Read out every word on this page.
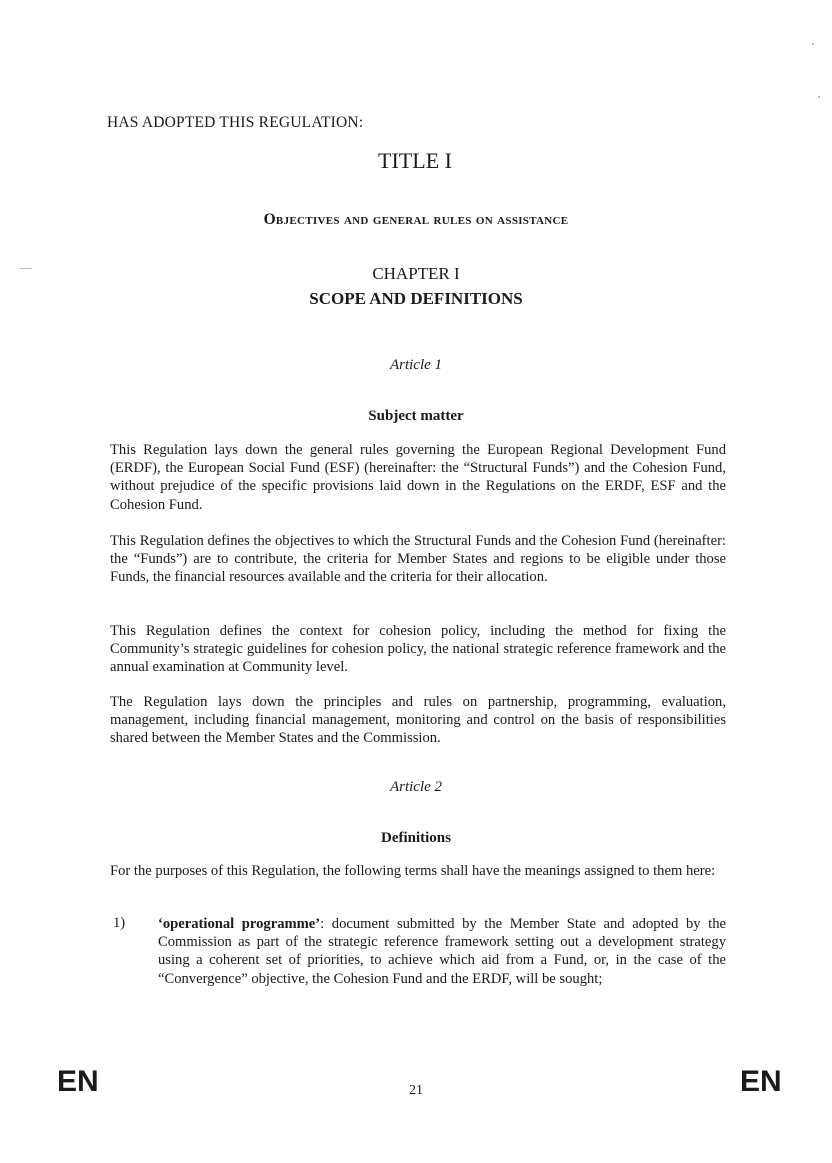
HAS ADOPTED THIS REGULATION:
TITLE I
Objectives and general rules on assistance
CHAPTER I
SCOPE AND DEFINITIONS
Article 1
Subject matter
This Regulation lays down the general rules governing the European Regional Development Fund (ERDF), the European Social Fund (ESF) (hereinafter: the “Structural Funds”) and the Cohesion Fund, without prejudice of the specific provisions laid down in the Regulations on the ERDF, ESF and the Cohesion Fund.
This Regulation defines the objectives to which the Structural Funds and the Cohesion Fund (hereinafter: the “Funds”) are to contribute, the criteria for Member States and regions to be eligible under those Funds, the financial resources available and the criteria for their allocation.
This Regulation defines the context for cohesion policy, including the method for fixing the Community’s strategic guidelines for cohesion policy, the national strategic reference framework and the annual examination at Community level.
The Regulation lays down the principles and rules on partnership, programming, evaluation, management, including financial management, monitoring and control on the basis of responsibilities shared between the Member States and the Commission.
Article 2
Definitions
For the purposes of this Regulation, the following terms shall have the meanings assigned to them here:
1) ‘operational programme’: document submitted by the Member State and adopted by the Commission as part of the strategic reference framework setting out a development strategy using a coherent set of priorities, to achieve which aid from a Fund, or, in the case of the “Convergence” objective, the Cohesion Fund and the ERDF, will be sought;
EN	21	EN
